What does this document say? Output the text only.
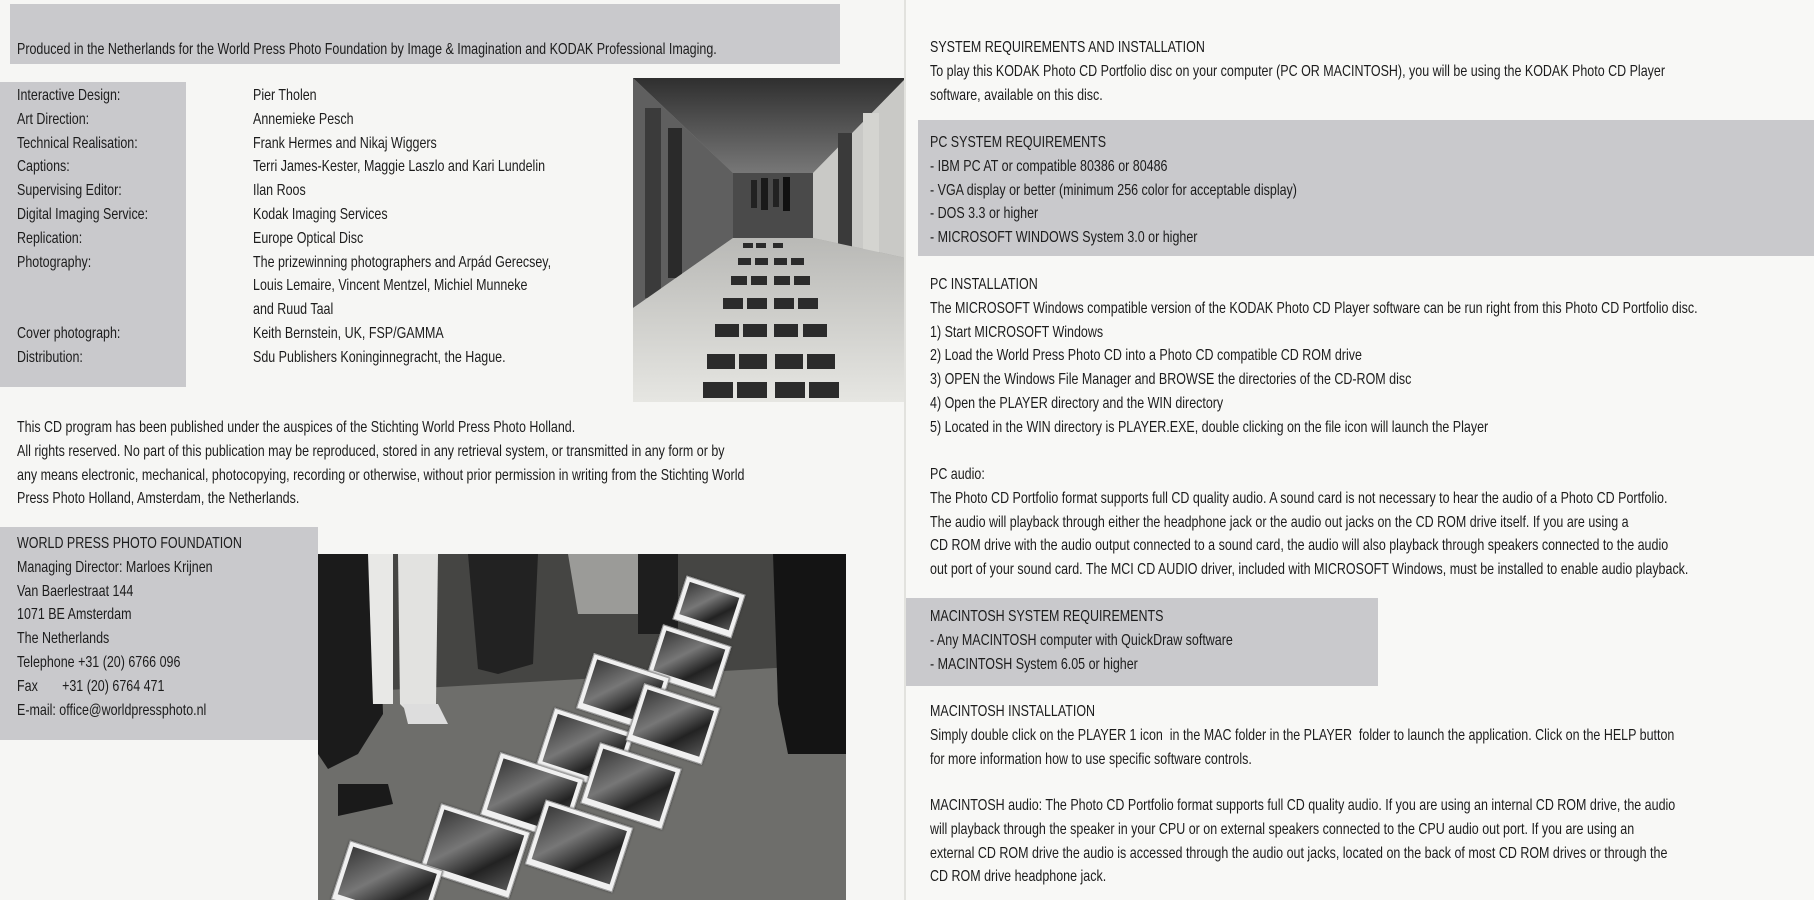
Produced in the Netherlands for the World Press Photo Foundation by Image & Imagination and KODAK Professional Imaging.
Interactive Design:
Art Direction:
Technical Realisation:
Captions:
Supervising Editor:
Digital Imaging Service:
Replication:
Photography:
Cover photograph:
Distribution:
Pier Tholen
Annemieke Pesch
Frank Hermes and Nikaj Wiggers
Terri James-Kester, Maggie Laszlo and Kari Lundelin
Ilan Roos
Kodak Imaging Services
Europe Optical Disc
The prizewinning photographers and Arpád Gerecsey,
Louis Lemaire, Vincent Mentzel, Michiel Munneke
and Ruud Taal
Keith Bernstein, UK, FSP/GAMMA
Sdu Publishers Koninginnegracht, the Hague.
This CD program has been published under the auspices of the Stichting World Press Photo Holland.
All rights reserved. No part of this publication may be reproduced, stored in any retrieval system, or transmitted in any form or by
any means electronic, mechanical, photocopying, recording or otherwise, without prior permission in writing from the Stichting World
Press Photo Holland, Amsterdam, the Netherlands.
WORLD PRESS PHOTO FOUNDATION
Managing Director: Marloes Krijnen
Van Baerlestraat 144
1071 BE Amsterdam
The Netherlands
Telephone +31 (20) 6766 096
Fax       +31 (20) 6764 471
E-mail: office@worldpressphoto.nl
SYSTEM REQUIREMENTS AND INSTALLATION
To play this KODAK Photo CD Portfolio disc on your computer (PC OR MACINTOSH), you will be using the KODAK Photo CD Player
software, available on this disc.
PC SYSTEM REQUIREMENTS
- IBM PC AT or compatible 80386 or 80486
- VGA display or better (minimum 256 color for acceptable display)
- DOS 3.3 or higher
- MICROSOFT WINDOWS System 3.0 or higher
PC INSTALLATION
The MICROSOFT Windows compatible version of the KODAK Photo CD Player software can be run right from this Photo CD Portfolio disc.
1) Start MICROSOFT Windows
2) Load the World Press Photo CD into a Photo CD compatible CD ROM drive
3) OPEN the Windows File Manager and BROWSE the directories of the CD-ROM disc
4) Open the PLAYER directory and the WIN directory
5) Located in the WIN directory is PLAYER.EXE, double clicking on the file icon will launch the Player
PC audio:
The Photo CD Portfolio format supports full CD quality audio. A sound card is not necessary to hear the audio of a Photo CD Portfolio.
The audio will playback through either the headphone jack or the audio out jacks on the CD ROM drive itself. If you are using a
CD ROM drive with the audio output connected to a sound card, the audio will also playback through speakers connected to the audio
out port of your sound card. The MCI CD AUDIO driver, included with MICROSOFT Windows, must be installed to enable audio playback.
MACINTOSH SYSTEM REQUIREMENTS
- Any MACINTOSH computer with QuickDraw software
- MACINTOSH System 6.05 or higher
MACINTOSH INSTALLATION
Simply double click on the PLAYER 1 icon  in the MAC folder in the PLAYER  folder to launch the application. Click on the HELP button
for more information how to use specific software controls.
MACINTOSH audio: The Photo CD Portfolio format supports full CD quality audio. If you are using an internal CD ROM drive, the audio
will playback through the speaker in your CPU or on external speakers connected to the CPU audio out port. If you are using an
external CD ROM drive the audio is accessed through the audio out jacks, located on the back of most CD ROM drives or through the
CD ROM drive headphone jack.
